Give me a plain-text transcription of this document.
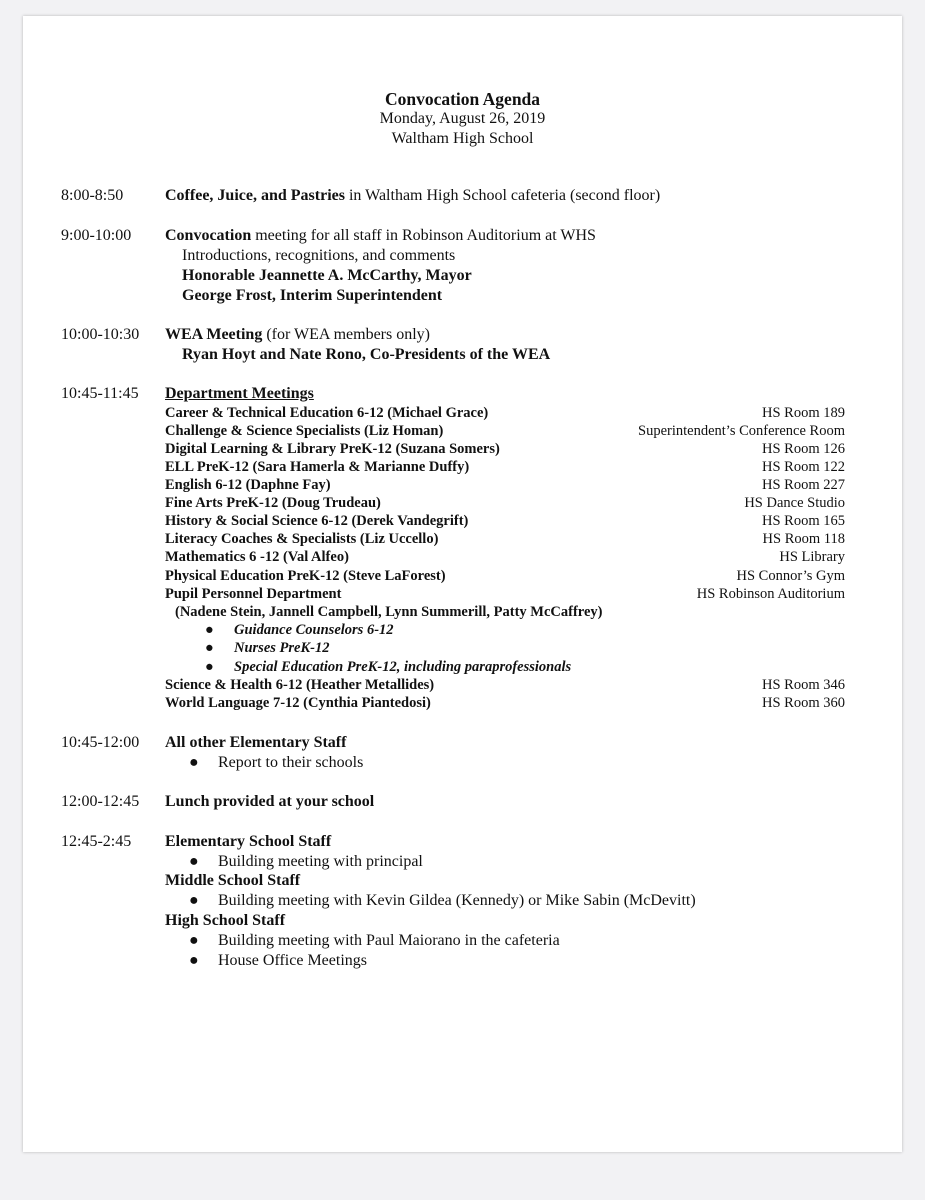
Convocation Agenda
Monday, August 26, 2019
Waltham High School
8:00-8:50	Coffee, Juice, and Pastries in Waltham High School cafeteria (second floor)
9:00-10:00 Convocation meeting for all staff in Robinson Auditorium at WHS
Introductions, recognitions, and comments
Honorable Jeannette A. McCarthy, Mayor
George Frost, Interim Superintendent
10:00-10:30 WEA Meeting (for WEA members only)
Ryan Hoyt and Nate Rono, Co-Presidents of the WEA
10:45-11:45 Department Meetings
Career & Technical Education 6-12 (Michael Grace)	HS Room 189
Challenge & Science Specialists (Liz Homan)	Superintendent’s Conference Room
Digital Learning & Library PreK-12 (Suzana Somers)	HS Room 126
ELL PreK-12 (Sara Hamerla & Marianne Duffy)	HS Room 122
English 6-12 (Daphne Fay)	HS Room 227
Fine Arts PreK-12 (Doug Trudeau)	HS Dance Studio
History & Social Science 6-12 (Derek Vandegrift)	HS Room 165
Literacy Coaches & Specialists (Liz Uccello)	HS Room 118
Mathematics 6 -12 (Val Alfeo)	HS Library
Physical Education PreK-12 (Steve LaForest)	HS Connor’s Gym
Pupil Personnel Department	HS Robinson Auditorium
(Nadene Stein, Jannell Campbell, Lynn Summerill, Patty McCaffrey)
● Guidance Counselors 6-12
● Nurses PreK-12
● Special Education PreK-12, including paraprofessionals
Science & Health 6-12 (Heather Metallides)	HS Room 346
World Language 7-12 (Cynthia Piantedosi)	HS Room 360
10:45-12:00 All other Elementary Staff
● Report to their schools
12:00-12:45 Lunch provided at your school
12:45-2:45 Elementary School Staff
● Building meeting with principal
Middle School Staff
● Building meeting with Kevin Gildea (Kennedy) or Mike Sabin (McDevitt)
High School Staff
● Building meeting with Paul Maiorano in the cafeteria
● House Office Meetings
